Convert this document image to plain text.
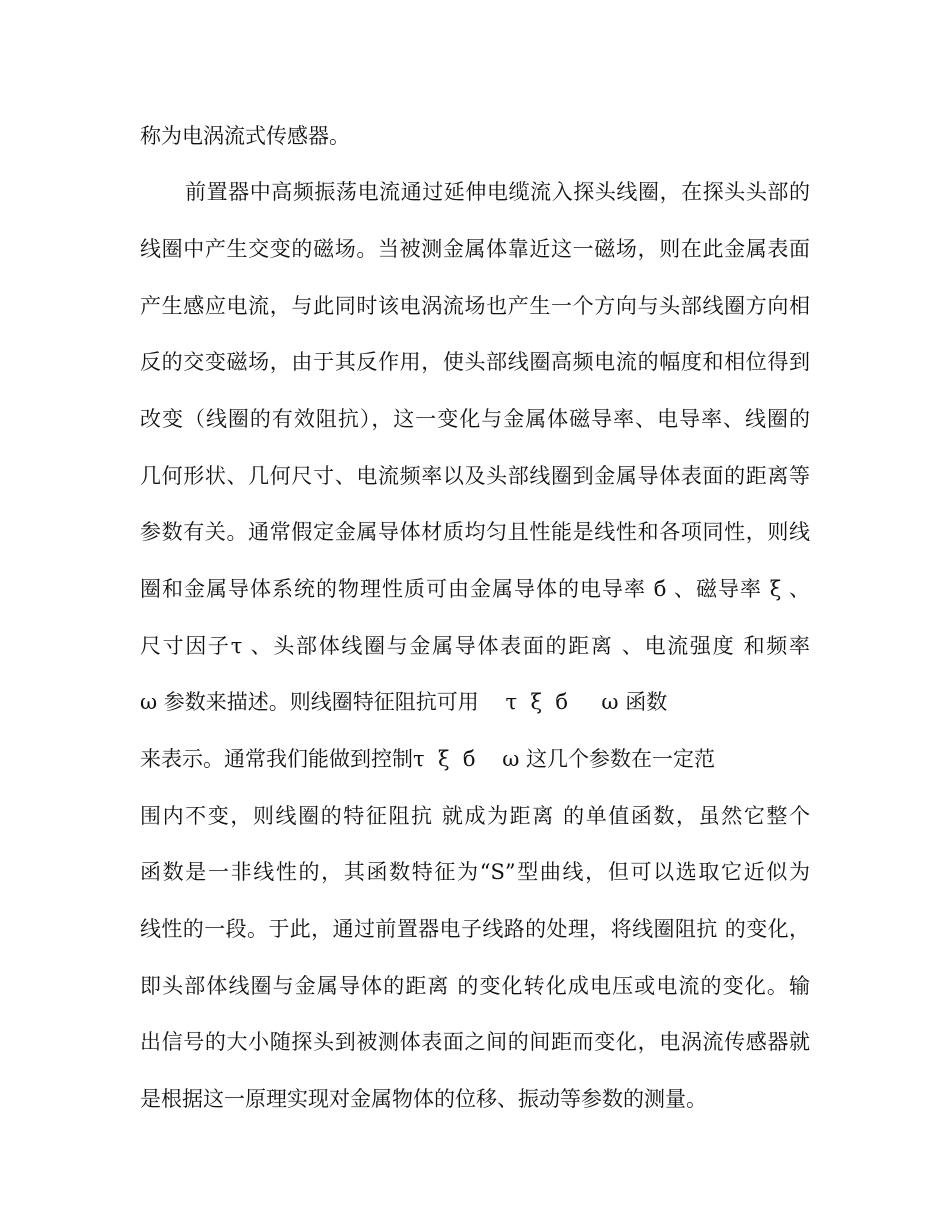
称为电涡流式传感器。
前置器中高频振荡电流通过延伸电缆流入探头线圈，在探头头部的
线圈中产生交变的磁场。当被测金属体靠近这一磁场，则在此金属表面
产生感应电流，与此同时该电涡流场也产生一个方向与头部线圈方向相
反的交变磁场，由于其反作用，使头部线圈高频电流的幅度和相位得到
改变（线圈的有效阻抗），这一变化与金属体磁导率、电导率、线圈的
几何形状、几何尺寸、电流频率以及头部线圈到金属导体表面的距离等
参数有关。通常假定金属导体材质均匀且性能是线性和各项同性，则线
圈和金属导体系统的物理性质可由金属导体的电导率 б 、磁导率 ξ 、
尺寸因子τ 、头部体线圈与金属导体表面的距离 、电流强度 和频率
ω 参数来描述。则线圈特征阻抗可用    τ  ξ  б     ω 函数
来表示。通常我们能做到控制τ  ξ  б    ω 这几个参数在一定范
围内不变，则线圈的特征阻抗 就成为距离 的单值函数，虽然它整个
函数是一非线性的，其函数特征为“S”型曲线，但可以选取它近似为
线性的一段。于此，通过前置器电子线路的处理，将线圈阻抗 的变化，
即头部体线圈与金属导体的距离 的变化转化成电压或电流的变化。输
出信号的大小随探头到被测体表面之间的间距而变化，电涡流传感器就
是根据这一原理实现对金属物体的位移、振动等参数的测量。
